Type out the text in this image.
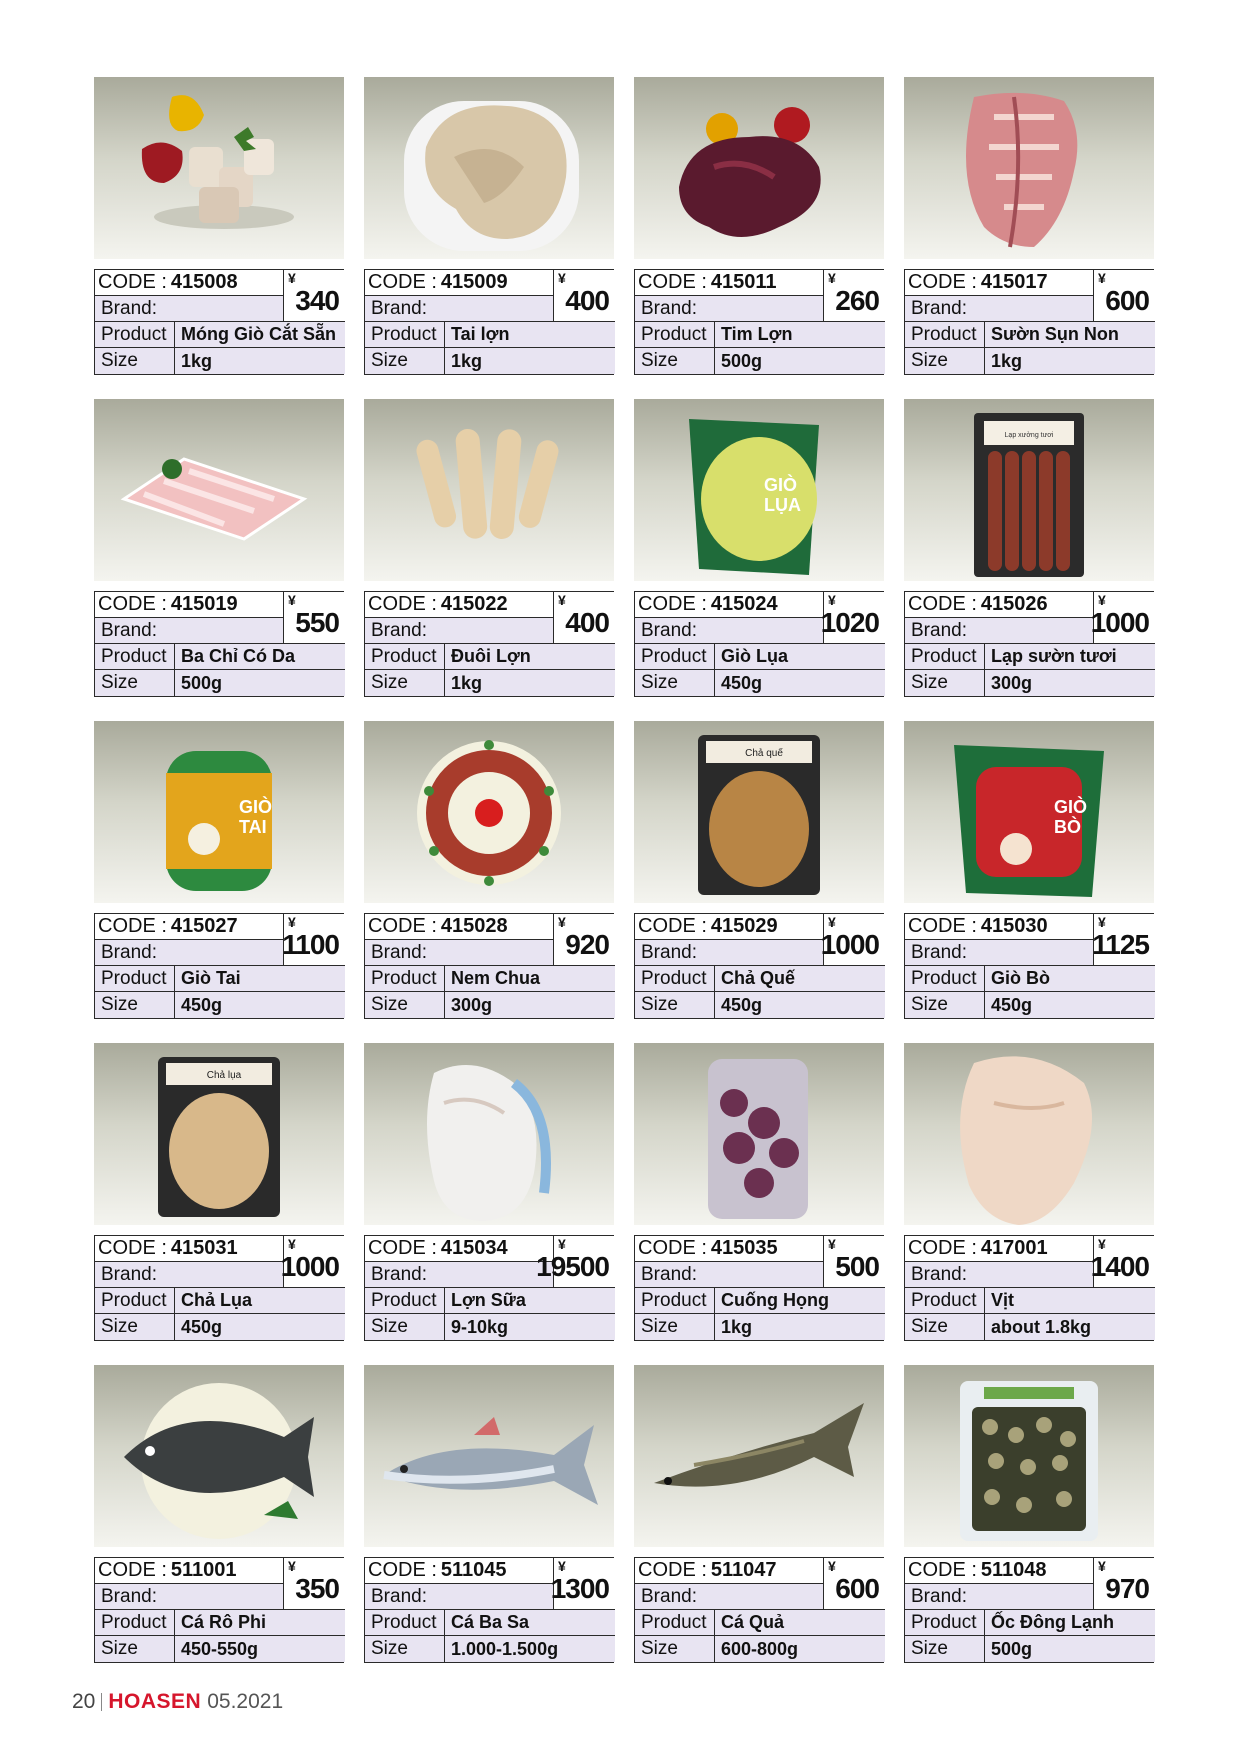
CODE : 415008
Brand:
¥
340
Product Móng Giò Cắt Sẵn
Size	1kg
CODE : 415009
Brand:
¥
400
Product Tai lợn
Size	1kg
CODE : 415011
Brand:
¥
260
Product Tim Lợn
Size	500g
CODE : 415017
Brand:
¥
600
Product Sườn Sụn Non
Size	1kg
CODE : 415019
Brand:
¥
550
Product Ba Chỉ Có Da
Size	500g
CODE : 415022
Brand:
¥
400
Product Đuôi Lợn
Size	1kg
GIÒ
LỤA
CODE : 415024
Brand:
¥
1020
Product Giò Lụa
Size	450g
Lạp xưởng tươi
CODE : 415026
Brand:
¥
1000
Product Lạp sườn tươi
Size	300g
GIÒ
TAI
CODE : 415027
Brand:
¥
1100
Product Giò Tai
Size	450g
CODE : 415028
Brand:
¥
920
Product Nem Chua
Size	300g
Chả quế
CODE : 415029
Brand:
¥
1000
Product Chả Quế
Size	450g
GIÒ
BÒ
CODE : 415030
Brand:
¥
1125
Product Giò Bò
Size	450g
Chả lụa
CODE : 415031
Brand:
¥
1000
Product Chả Lụa
Size	450g
CODE : 415034
Brand:
¥
19500
Product Lợn Sữa
Size	9-10kg
CODE : 415035
Brand:
¥
500
Product Cuống Họng
Size	1kg
CODE : 417001
Brand:
¥
1400
Product Vịt
Size	about 1.8kg
CODE : 511001
Brand:
¥
350
Product Cá Rô Phi
Size	450-550g
CODE : 511045
Brand:
¥
1300
Product Cá Ba Sa
Size	1.000-1.500g
CODE : 511047
Brand:
¥
600
Product Cá Quả
Size	600-800g
CODE : 511048
Brand:
¥
970
Product Ốc Đông Lạnh
Size	500g
20 HOASEN 05.2021
